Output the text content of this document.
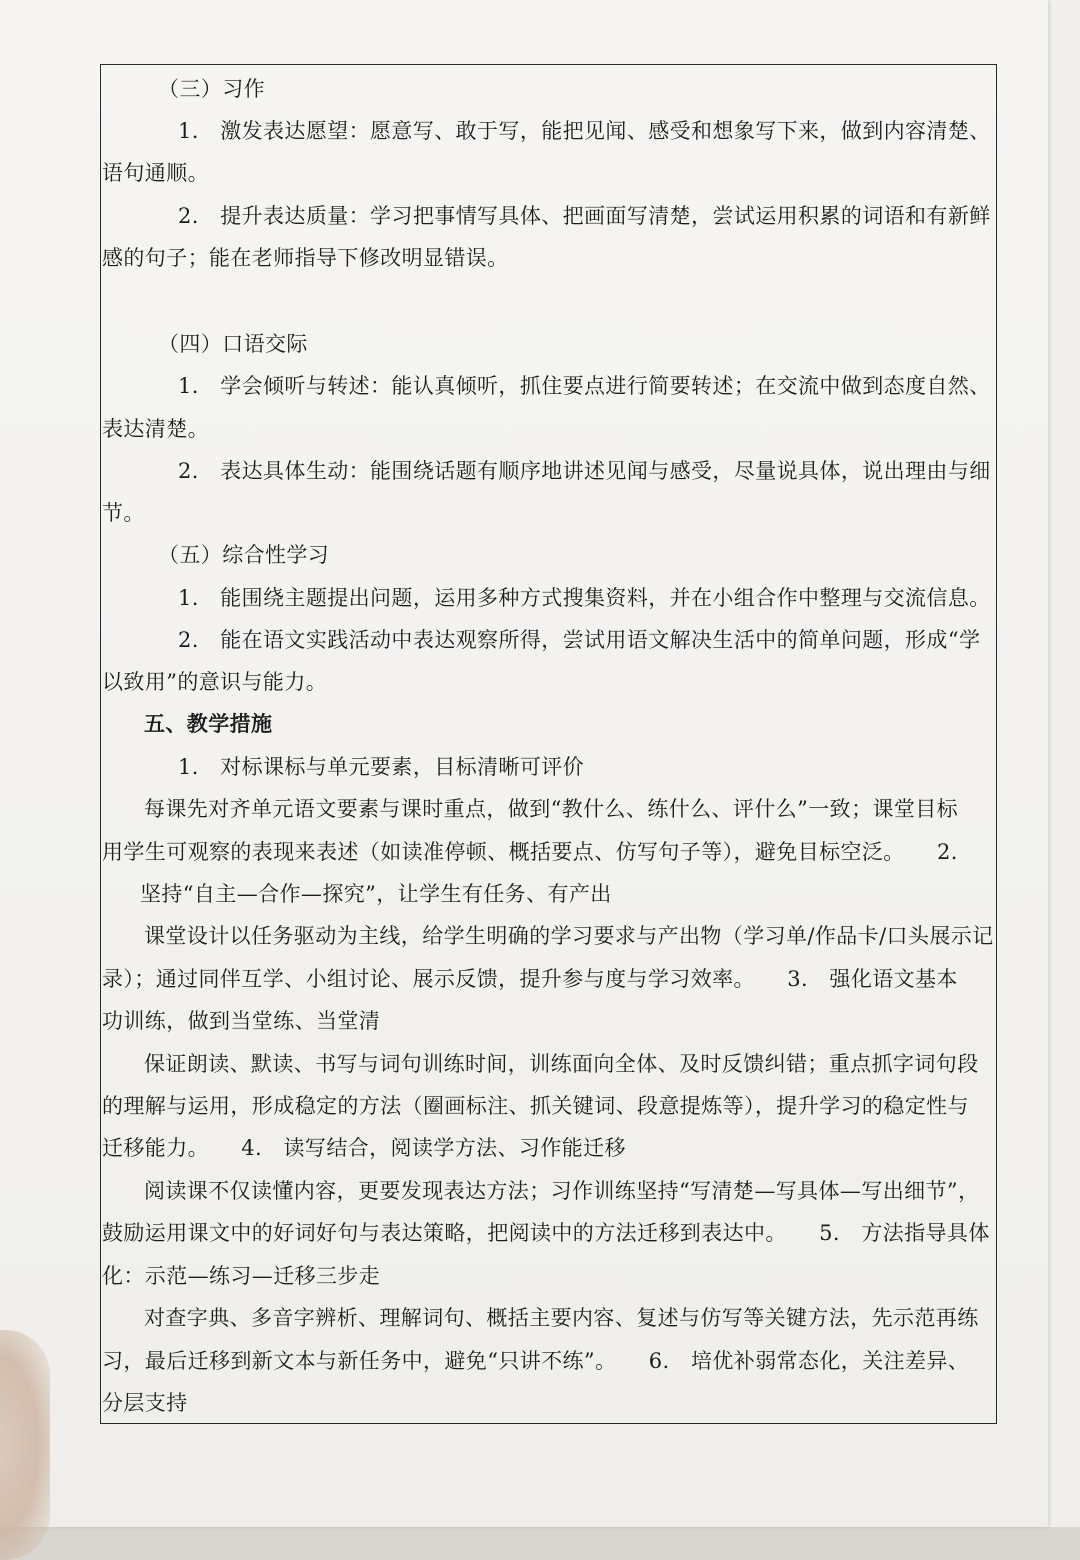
（三）习作
1.　激发表达愿望：愿意写、敢于写，能把见闻、感受和想象写下来，做到内容清楚、
语句通顺。
2.　提升表达质量：学习把事情写具体、把画面写清楚，尝试运用积累的词语和有新鲜
感的句子；能在老师指导下修改明显错误。
（四）口语交际
1.　学会倾听与转述：能认真倾听，抓住要点进行简要转述；在交流中做到态度自然、
表达清楚。
2.　表达具体生动：能围绕话题有顺序地讲述见闻与感受，尽量说具体，说出理由与细
节。
（五）综合性学习
1.　能围绕主题提出问题，运用多种方式搜集资料，并在小组合作中整理与交流信息。
2.　能在语文实践活动中表达观察所得，尝试用语文解决生活中的简单问题，形成“学
以致用”的意识与能力。
五、教学措施
1.　对标课标与单元要素，目标清晰可评价
每课先对齐单元语文要素与课时重点，做到“教什么、练什么、评什么”一致；课堂目标
用学生可观察的表现来表述（如读准停顿、概括要点、仿写句子等），避免目标空泛。　　2.
坚持“自主—合作—探究”，让学生有任务、有产出
课堂设计以任务驱动为主线，给学生明确的学习要求与产出物（学习单/作品卡/口头展示记
录）；通过同伴互学、小组讨论、展示反馈，提升参与度与学习效率。　　3.　强化语文基本
功训练，做到当堂练、当堂清
保证朗读、默读、书写与词句训练时间，训练面向全体、及时反馈纠错；重点抓字词句段
的理解与运用，形成稳定的方法（圈画标注、抓关键词、段意提炼等），提升学习的稳定性与
迁移能力。　　4.　读写结合，阅读学方法、习作能迁移
阅读课不仅读懂内容，更要发现表达方法；习作训练坚持“写清楚—写具体—写出细节”，
鼓励运用课文中的好词好句与表达策略，把阅读中的方法迁移到表达中。　　5.　方法指导具体
化：示范—练习—迁移三步走
对查字典、多音字辨析、理解词句、概括主要内容、复述与仿写等关键方法，先示范再练
习，最后迁移到新文本与新任务中，避免“只讲不练”。　　6.　培优补弱常态化，关注差异、
分层支持
